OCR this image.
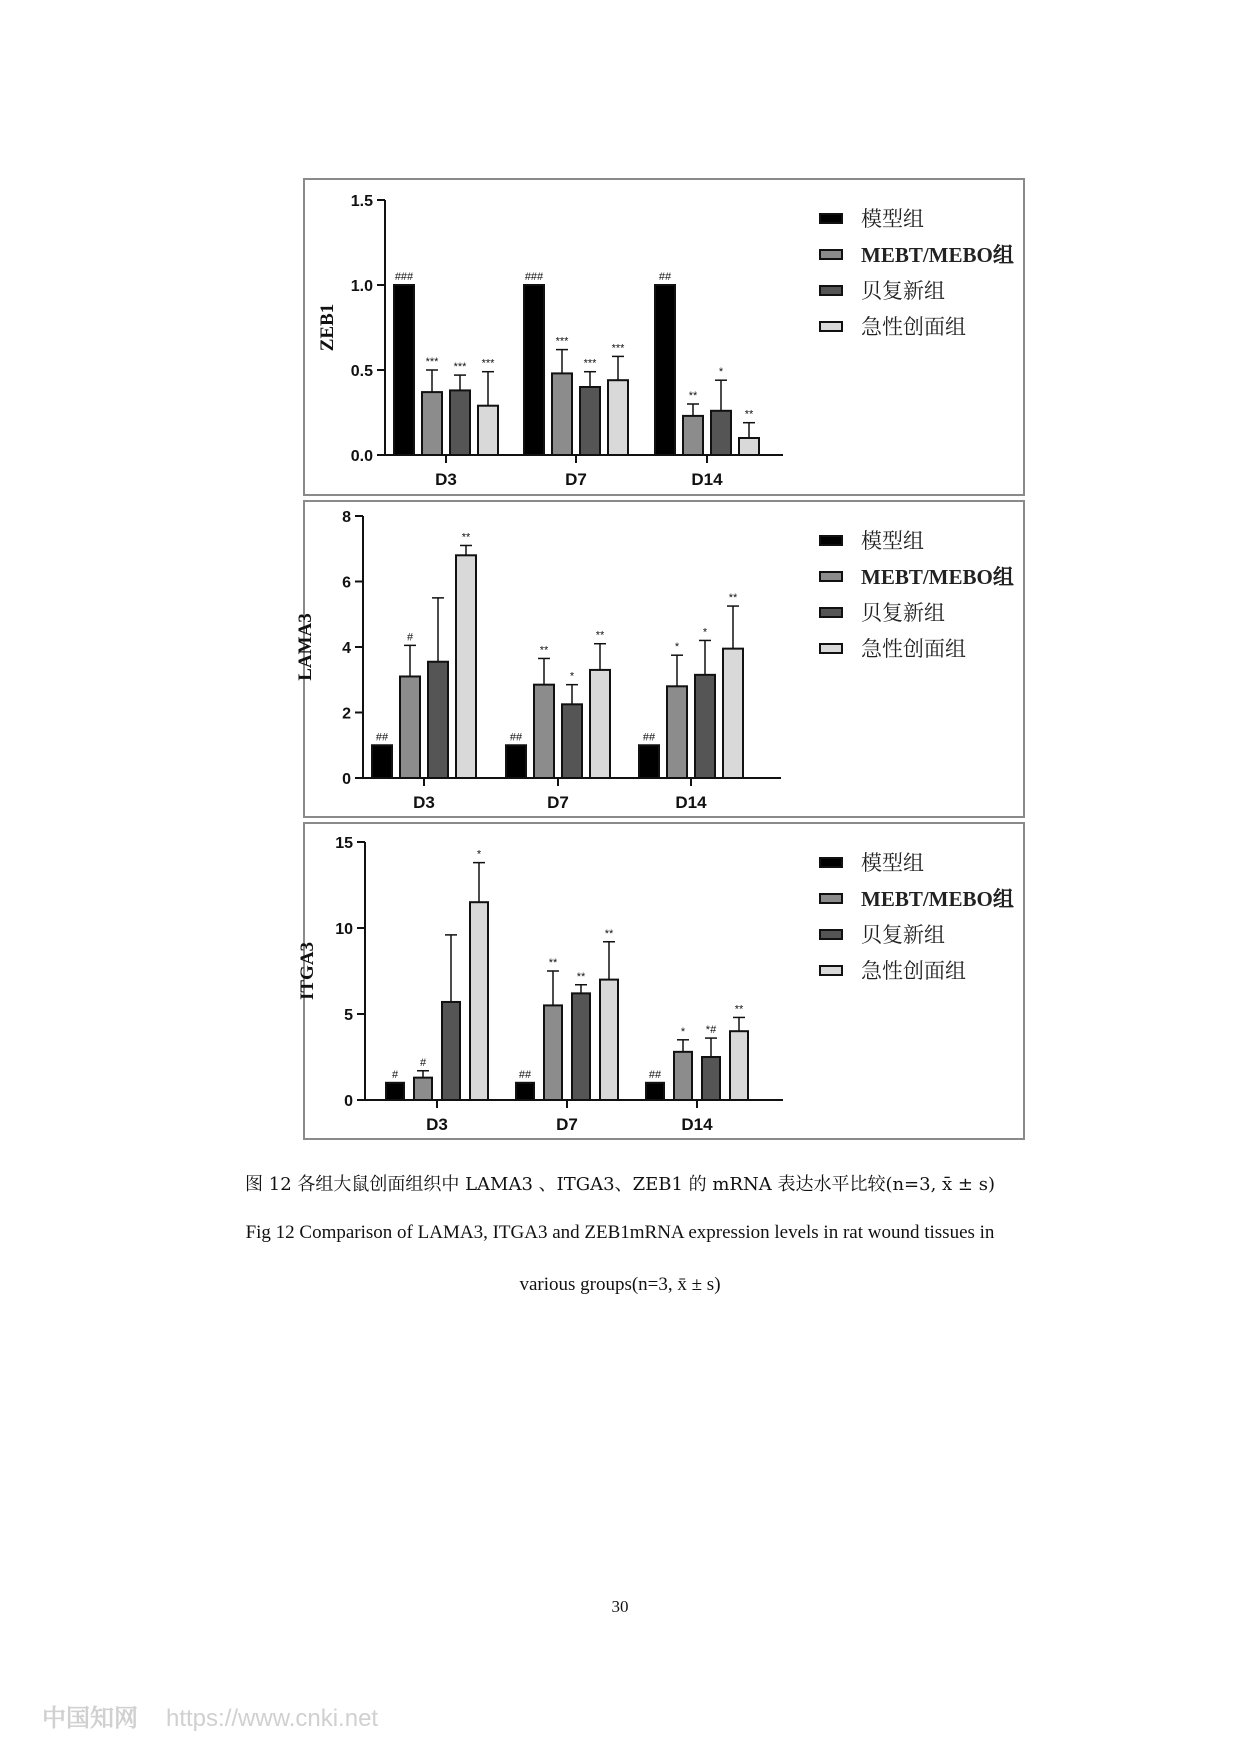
0.0
0.5
1.0
1.5
ZEB1
D3
###
*** *** ***
D7
###
***
***
***
D14
##
**
*
**
模型组
MEBT/MEBO组
贝复新组
急性创面组
0
2
4
6
8
LAMA3
D3
##
#
**
D7
##
**
*
**
D14
##
*
*
**
模型组
MEBT/MEBO组
贝复新组
急性创面组
0
5
10
15
ITGA3
D3
#
#
*
D7
##
**
**
**
D14
##
* *#
**
模型组
MEBT/MEBO组
贝复新组
急性创面组
图 12 各组大鼠创面组织中 LAMA3 、ITGA3、ZEB1 的 mRNA 表达水平比较(n=3, x̄ ± s)
Fig 12 Comparison of LAMA3, ITGA3 and ZEB1mRNA expression levels in rat wound tissues in
various groups(n=3, x̄ ± s)
30
中国知网 https://www.cnki.net
